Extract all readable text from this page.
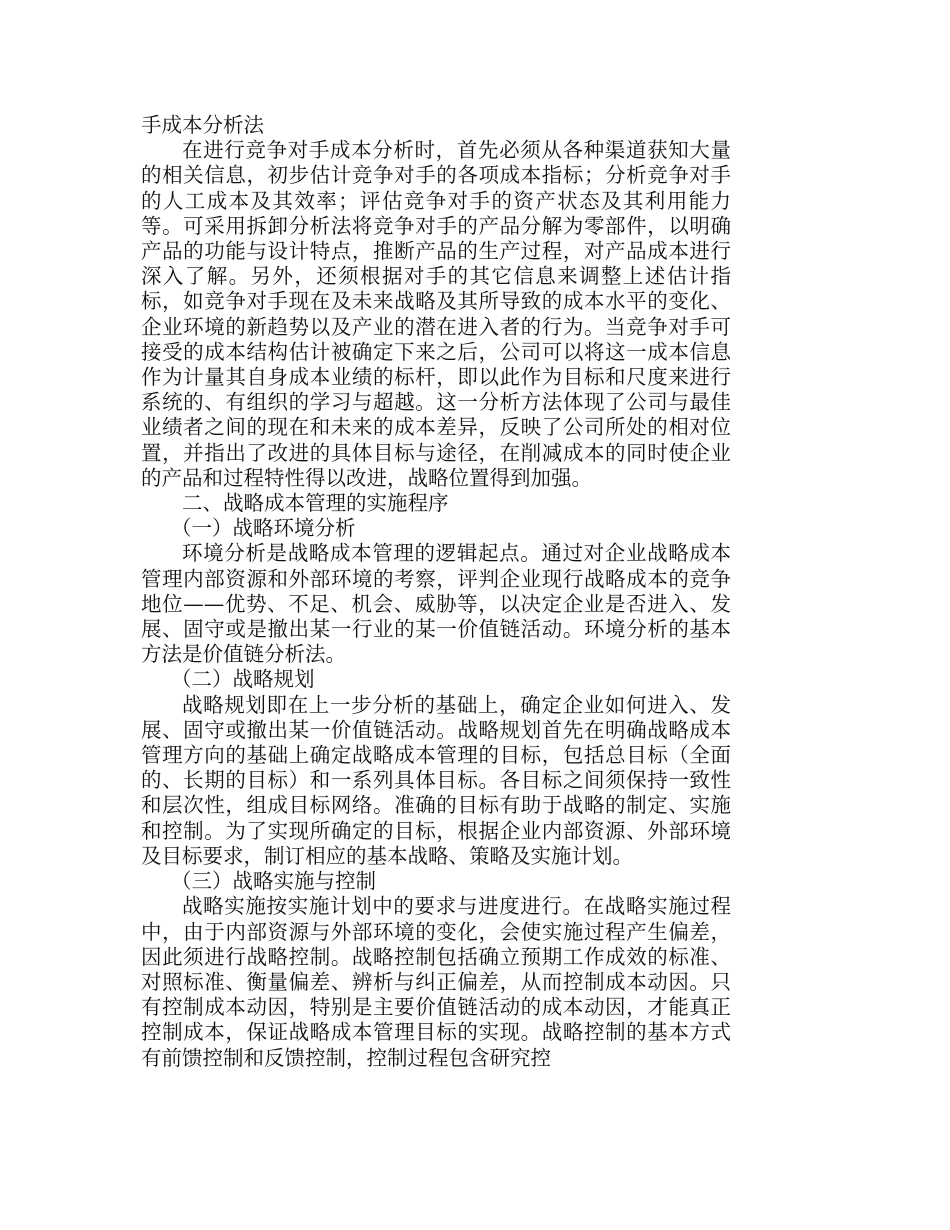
手成本分析法

在进行竞争对手成本分析时，首先必须从各种渠道获知大量的相关信息，初步估计竞争对手的各项成本指标；分析竞争对手的人工成本及其效率；评估竞争对手的资产状态及其利用能力等。可采用拆卸分析法将竞争对手的产品分解为零部件，以明确产品的功能与设计特点，推断产品的生产过程，对产品成本进行深入了解。另外，还须根据对手的其它信息来调整上述估计指标，如竞争对手现在及未来战略及其所导致的成本水平的变化、企业环境的新趋势以及产业的潜在进入者的行为。当竞争对手可接受的成本结构估计被确定下来之后，公司可以将这一成本信息作为计量其自身成本业绩的标杆，即以此作为目标和尺度来进行系统的、有组织的学习与超越。这一分析方法体现了公司与最佳业绩者之间的现在和未来的成本差异，反映了公司所处的相对位置，并指出了改进的具体目标与途径，在削减成本的同时使企业的产品和过程特性得以改进，战略位置得到加强。

二、战略成本管理的实施程序

（一）战略环境分析

环境分析是战略成本管理的逻辑起点。通过对企业战略成本管理内部资源和外部环境的考察，评判企业现行战略成本的竞争地位——优势、不足、机会、威胁等，以决定企业是否进入、发展、固守或是撤出某一行业的某一价值链活动。环境分析的基本方法是价值链分析法。

（二）战略规划

战略规划即在上一步分析的基础上，确定企业如何进入、发展、固守或撤出某一价值链活动。战略规划首先在明确战略成本管理方向的基础上确定战略成本管理的目标，包括总目标（全面的、长期的目标）和一系列具体目标。各目标之间须保持一致性和层次性，组成目标网络。准确的目标有助于战略的制定、实施和控制。为了实现所确定的目标，根据企业内部资源、外部环境及目标要求，制订相应的基本战略、策略及实施计划。

（三）战略实施与控制

战略实施按实施计划中的要求与进度进行。在战略实施过程中，由于内部资源与外部环境的变化，会使实施过程产生偏差，因此须进行战略控制。战略控制包括确立预期工作成效的标准、对照标准、衡量偏差、辨析与纠正偏差，从而控制成本动因。只有控制成本动因，特别是主要价值链活动的成本动因，才能真正控制成本，保证战略成本管理目标的实现。战略控制的基本方式有前馈控制和反馈控制，控制过程包含研究控
